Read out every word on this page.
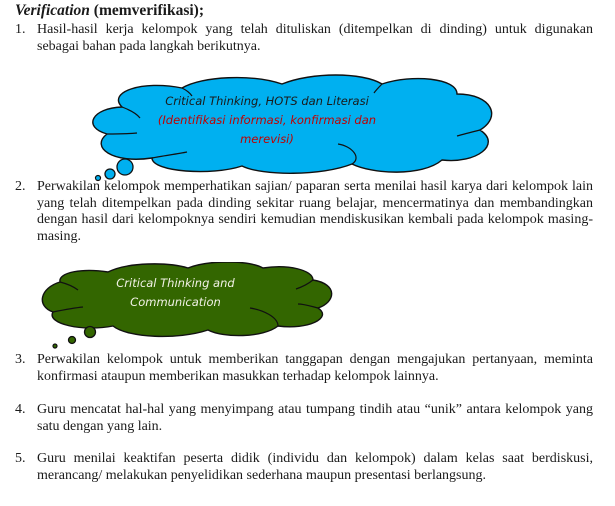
Verification (memverifikasi);
1. Hasil-hasil kerja kelompok yang telah dituliskan (ditempelkan di dinding) untuk digunakan sebagai bahan pada langkah berikutnya.
Critical Thinking, HOTS dan Literasi
(Identifikasi informasi, konfirmasi dan
merevisi)
2. Perwakilan kelompok memperhatikan sajian/ paparan serta menilai hasil karya dari kelompok lain yang telah ditempelkan pada dinding sekitar ruang belajar, mencermatinya dan membandingkan dengan hasil dari kelompoknya sendiri kemudian mendiskusikan kembali pada kelompok masing-masing.
Critical Thinking and
Communication
3. Perwakilan kelompok untuk memberikan tanggapan dengan mengajukan pertanyaan, meminta konfirmasi ataupun memberikan masukkan terhadap kelompok lainnya.
4. Guru mencatat hal-hal yang menyimpang atau tumpang tindih atau “unik” antara kelompok yang satu dengan yang lain.
5. Guru menilai keaktifan peserta didik (individu dan kelompok) dalam kelas saat berdiskusi, merancang/ melakukan penyelidikan sederhana maupun presentasi berlangsung.
